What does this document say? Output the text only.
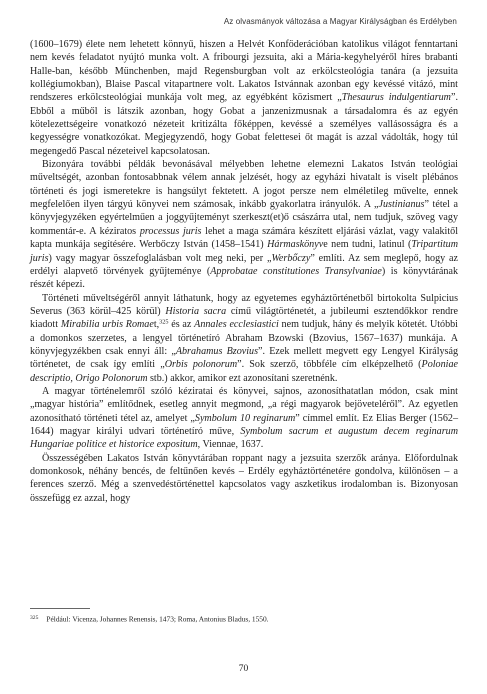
Az olvasmányok változása a Magyar Királyságban és Erdélyben

(1600–1679) élete nem lehetett könnyű, hiszen a Helvét Konföderációban katolikus világot fenntartani nem kevés feladatot nyújtó munka volt. A fribourgi jezsuita, aki a Mária-kegyhelyéről híres brabanti Halle-ban, később Münchenben, majd Regensburgban volt az erkölcsteológia tanára (a jezsuita kollégiumokban), Blaise Pascal vitapartnere volt. Lakatos Istvánnak azonban egy kevéssé vitázó, mint rendszeres erkölcsteológiai munkája volt meg, az egyébként közismert „Thesaurus indulgentiarum”. Ebből a műből is látszik azonban, hogy Gobat a janzenizmusnak a társadalomra és az egyén kötelezettségeire vonatkozó nézeteit kritizálta főképpen, kevéssé a személyes vallásosságra és a kegyességre vonatkozókat. Megjegyzendő, hogy Gobat felettesei őt magát is azzal vádolták, hogy túl megengedő Pascal nézeteivel kapcsolatosan.

Bizonyára további példák bevonásával mélyebben lehetne elemezni Lakatos István teológiai műveltségét, azonban fontosabbnak vélem annak jelzését, hogy az egyházi hivatalt is viselt plébános történeti és jogi ismeretekre is hangsúlyt fektetett. A jogot persze nem elméletileg művelte, ennek megfelelően ilyen tárgyú könyvei nem számosak, inkább gyakorlatra irányulók. A „Justinianus” tétel a könyvjegyzéken egyértelműen a joggyűjteményt szerkeszt(et)ő császárra utal, nem tudjuk, szöveg vagy kommentár-e. A kéziratos processus juris lehet a maga számára készített eljárási vázlat, vagy valakitől kapta munkája segítésére. Werbőczy István (1458–1541) Hármaskönyve nem tudni, latinul (Tripartitum juris) vagy magyar összefoglalásban volt meg neki, per „Werbőczy” említi. Az sem meglepő, hogy az erdélyi alapvető törvények gyűjteménye (Approbatae constitutiones Transylvaniae) is könyvtárának részét képezi.

Történeti műveltségéről annyit láthatunk, hogy az egyetemes egyháztörténetből birtokolta Sulpicius Severus (363 körül–425 körül) Historia sacra című világtörténetét, a jubileumi esztendőkkor rendre kiadott Mirabilia urbis Romaet,$^{325}$ és az Annales ecclesiastici nem tudjuk, hány és melyik kötetét. Utóbbi a domonkos szerzetes, a lengyel történetíró Abraham Bzowski (Bzovius, 1567–1637) munkája. A könyvjegyzékben csak ennyi áll: „Abrahamus Bzovius”. Ezek mellett megvett egy Lengyel Királyság történetet, de csak így említi „Orbis polonorum”. Sok szerző, többféle cím elképzelhető (Poloniae descriptio, Origo Polonorum stb.) akkor, amikor ezt azonosítani szeretnénk.

A magyar történelemről szóló kéziratai és könyvei, sajnos, azonosíthatatlan módon, csak mint „magyar história” említődnek, esetleg annyit megmond, „a régi magyarok bejöveteléről”. Az egyetlen azonosítható történeti tétel az, amelyet „Symbolum 10 reginarum” címmel említ. Ez Elias Berger (1562–1644) magyar királyi udvari történetíró műve, Symbolum sacrum et augustum decem reginarum Hungariae politice et historice expositum, Viennae, 1637.

Összességében Lakatos István könyvtárában roppant nagy a jezsuita szerzők aránya. Előfordulnak domonkosok, néhány bencés, de feltűnően kevés – Erdély egyháztörténetére gondolva, különösen – a ferences szerző. Még a szenvedéstörténettel kapcsolatos vagy aszketikus irodalomban is. Bizonyosan összefügg ez azzal, hogy

$^{325}$ Például: Vicenza, Johannes Renensis, 1473; Roma, Antonius Bladus, 1550.
70
